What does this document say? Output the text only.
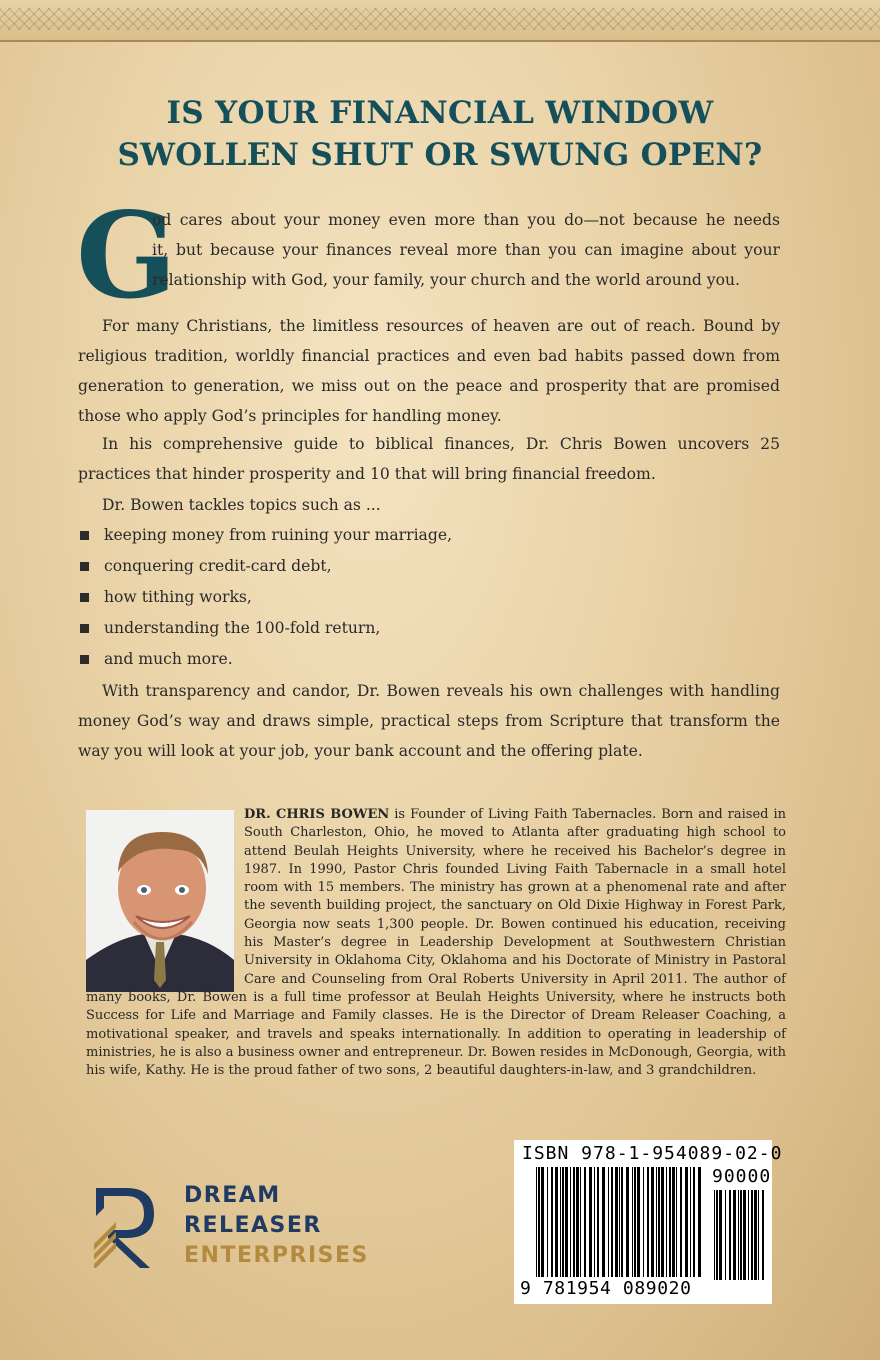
IS YOUR FINANCIAL WINDOW
SWOLLEN SHUT OR SWUNG OPEN?
G
od cares about your money even more than you do—not because he needs
it, but because your finances reveal more than you can imagine about your
relationship with God, your family, your church and the world around you.

For many Christians, the limitless resources of heaven are out of reach. Bound by religious tradition, worldly financial practices and even bad habits passed down from generation to generation, we miss out on the peace and prosperity that are promised those who apply God’s principles for handling money.

In his comprehensive guide to biblical finances, Dr. Chris Bowen uncovers 25 practices that hinder prosperity and 10 that will bring financial freedom.

Dr. Bowen tackles topics such as ...

keeping money from ruining your marriage,
conquering credit-card debt,
how tithing works,
understanding the 100-fold return,
and much more.

With transparency and candor, Dr. Bowen reveals his own challenges with handling money God’s way and draws simple, practical steps from Scripture that transform the way you will look at your job, your bank account and the offering plate.

DR. CHRIS BOWEN is Founder of Living Faith Tabernacles. Born and raised in South Charleston, Ohio, he moved to Atlanta after graduating high school to attend Beulah Heights University, where he received his Bachelor’s degree in 1987. In 1990, Pastor Chris founded Living Faith Tabernacle in a small hotel room with 15 members. The ministry has grown at a phenomenal rate and after the seventh building project, the sanctuary on Old Dixie Highway in Forest Park, Georgia now seats 1,300 people. Dr. Bowen continued his education, receiving his Master’s degree in Leadership Development at Southwestern Christian University in Oklahoma City, Oklahoma and his Doctorate of Ministry in Pastoral Care and Counseling from Oral Roberts University in April 2011. The author of many books, Dr. Bowen is a full time professor at Beulah Heights University, where he instructs both Success for Life and Marriage and Family classes. He is the Director of Dream Releaser Coaching, a motivational speaker, and travels and speaks internationally. In addition to operating in leadership of ministries, he is also a business owner and entrepreneur. Dr. Bowen resides in McDonough, Georgia, with his wife, Kathy. He is the proud father of two sons, 2 beautiful daughters-in-law, and 3 grandchildren.

DREAM
RELEASER
ENTERPRISES
ISBN 978-1-954089-02-0
90000
9 781954 089020
